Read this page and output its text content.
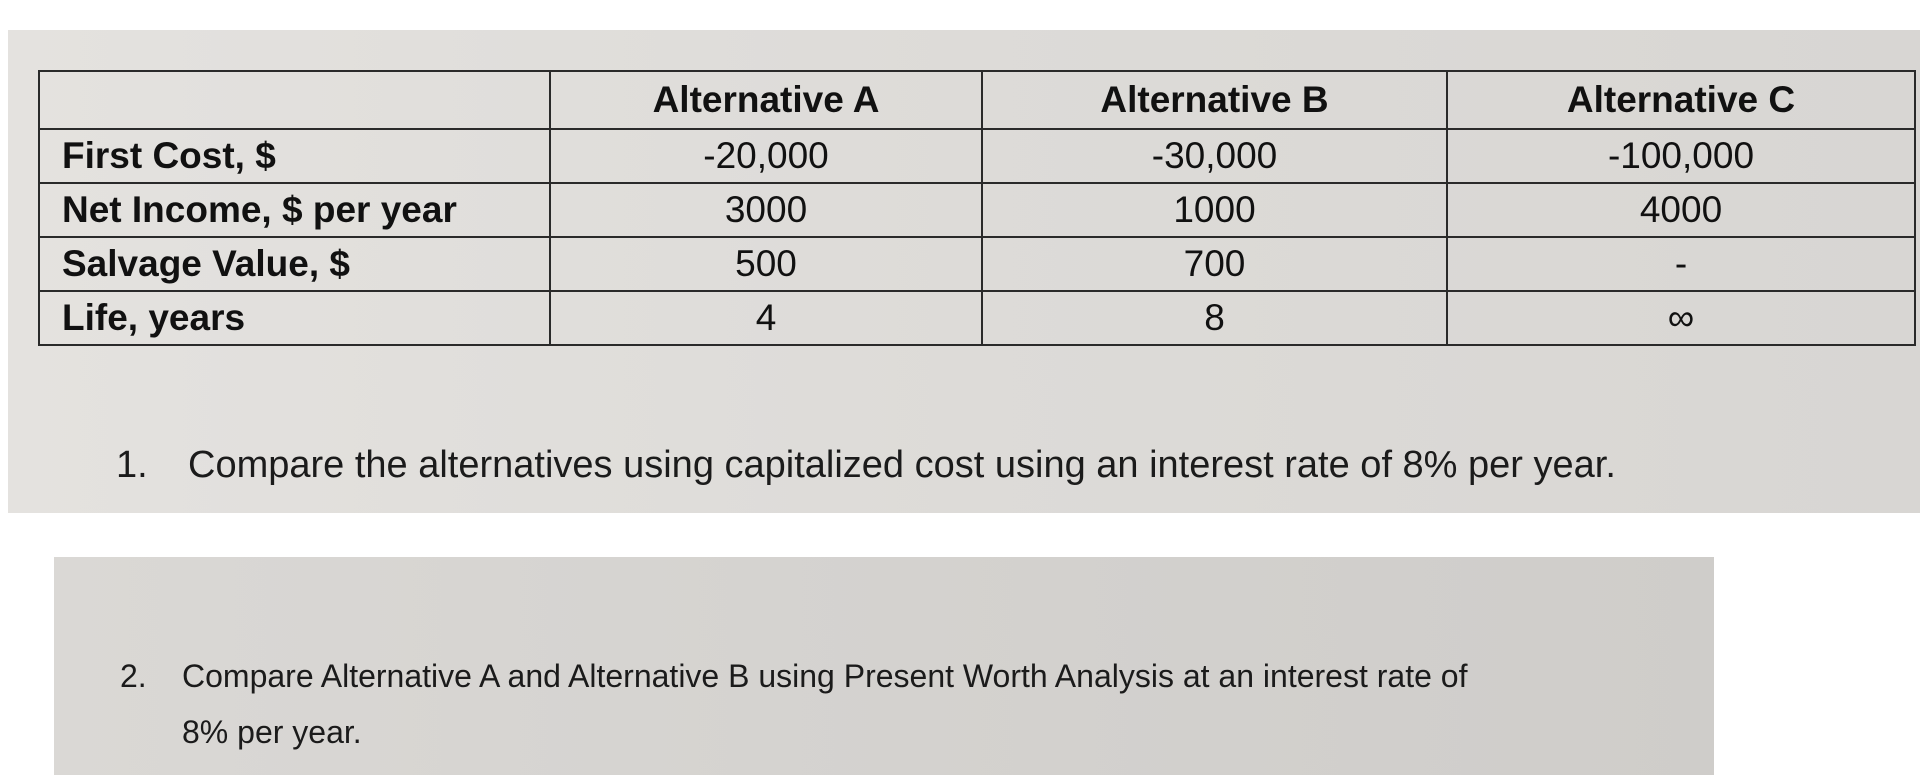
	Alternative A	Alternative B	Alternative C
First Cost, $	-20,000	-30,000	-100,000
Net Income, $ per year	3000	1000	4000
Salvage Value, $	500	700	-
Life, years	4	8	∞
1. Compare the alternatives using capitalized cost using an interest rate of 8% per year.
2. Compare Alternative A and Alternative B using Present Worth Analysis at an interest rate of
8% per year.
